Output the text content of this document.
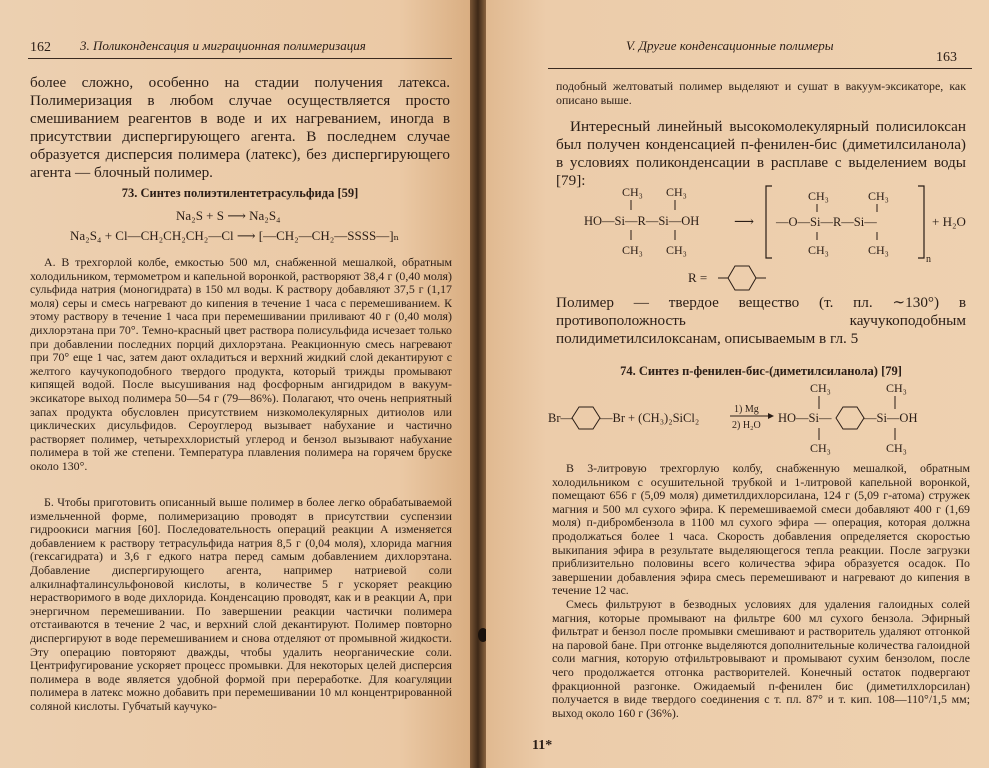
162 3. Поликонденсация и миграционная полимеризация
более сложно, особенно на стадии получения латекса. Полимеризация в любом случае осуществляется просто смешиванием реагентов в воде и их нагреванием, иногда в присутствии диспергирующего агента. В последнем случае образуется дисперсия полимера (латекс), без диспергирующего агента — блочный полимер.
73. Синтез полиэтилентетрасульфида [59]
Na₂S + S ⟶ Na₂S₄
Na₂S₄ + Cl—CH₂CH₂CH₂—Cl ⟶ [—CH₂—CH₂—SSSS—]ₙ
А. В трехгорлой колбе, емкостью 500 мл, снабженной мешалкой, обратным холодильником, термометром и капельной воронкой, растворяют 38,4 г (0,40 моля) сульфида натрия (моногидрата) в 150 мл воды. К раствору добавляют 37,5 г (1,17 моля) серы и смесь нагревают до кипения в течение 1 часа с перемешиванием. К этому раствору в течение 1 часа при перемешивании приливают 40 г (0,40 моля) дихлорэтана при 70°. Темно-красный цвет раствора полисульфида исчезает только при добавлении последних порций дихлорэтана. Реакционную смесь нагревают при 70° еще 1 час, затем дают охладиться и верхний жидкий слой декантируют с желтого каучукоподобного твердого продукта, который трижды промывают кипящей водой. После высушивания над фосфорным ангидридом в вакуум-эксикаторе выход полимера 50—54 г (79—86%). Полагают, что очень неприятный запах продукта обусловлен присутствием низкомолекулярных дитиолов или циклических дисульфидов. Сероуглерод вызывает набухание и частично растворяет полимер, четыреххлористый углерод и бензол вызывают набухание полимера в той же степени. Температура плавления полимера на горячем бруске около 130°.
Б. Чтобы приготовить описанный выше полимер в более легко обрабатываемой измельченной форме, полимеризацию проводят в присутствии суспензии гидроокиси магния [60]. Последовательность операций реакции А изменяется добавлением к раствору тетрасульфида натрия 8,5 г (0,04 моля), хлорида магния (гексагидрата) и 3,6 г едкого натра перед самым добавлением дихлорэтана. Добавление диспергирующего агента, например натриевой соли алкилнафталинсульфоновой кислоты, в количестве 5 г ускоряет реакцию нерастворимого в воде дихлорида. Конденсацию проводят, как и в реакции А, при энергичном перемешивании. По завершении реакции частички полимера отстаиваются в течение 2 час, и верхний слой декантируют. Полимер повторно диспергируют в воде перемешиванием и снова отделяют от промывной жидкости. Эту операцию повторяют дважды, чтобы удалить неорганические соли. Центрифугирование ускоряет процесс промывки. Для некоторых целей дисперсия полимера в воде является удобной формой при переработке. Для коагуляции полимера в латекс можно добавить при перемешивании 10 мл концентрированной соляной кислоты. Губчатый каучуко-
V. Другие конденсационные полимеры
163
подобный желтоватый полимер выделяют и сушат в вакуум-эксикаторе, как описано выше.
Интересный линейный высокомолекулярный полисилоксан был получен конденсацией п-фенилен-бис (диметилсиланола) в условиях поликонденсации в расплаве с выделением воды [79]:
CH₃ CH₃
HO—Si—R—Si—OH
CH₃ CH₃
⟶
CH₃	CH₃
—O—Si—R—Si—
CH₃	CH₃
n
+ H₂O
R =
Полимер — твердое вещество (т. пл. ∼130°) в противоположность каучукоподобным полидиметилсилоксанам, описываемым в гл. 5
74. Синтез п-фенилен-бис-(диметилсиланола) [79]
Br— —Br + (CH₃)₂SiCl₂
1) Mg
2) H₂O
CH₃
HO—Si—	—Si—OH
CH₃
CH₃
CH₃
В 3-литровую трехгорлую колбу, снабженную мешалкой, обратным холодильником с осушительной трубкой и 1-литровой капельной воронкой, помещают 656 г (5,09 моля) диметилдихлорсилана, 124 г (5,09 г-атома) стружек магния и 500 мл сухого эфира. К перемешиваемой смеси добавляют 400 г (1,69 моля) п-дибромбензола в 1100 мл сухого эфира — операция, которая должна продолжаться более 1 часа. Скорость добавления определяется скоростью выкипания эфира в результате выделяющегося тепла реакции. После загрузки приблизительно половины всего количества эфира образуется осадок. По завершении добавления эфира смесь перемешивают и нагревают до кипения в течение 12 час.
Смесь фильтруют в безводных условиях для удаления галоидных солей магния, которые промывают на фильтре 600 мл сухого бензола. Эфирный фильтрат и бензол после промывки смешивают и растворитель удаляют отгонкой на паровой бане. При отгонке выделяются дополнительные количества галоидной соли магния, которую отфильтровывают и промывают сухим бензолом, после чего продолжается отгонка растворителей. Конечный остаток подвергают фракционной разгонке. Ожидаемый п-фенилен бис (диметилхлорсилан) получается в виде твердого соединения с т. пл. 87° и т. кип. 108—110°/1,5 мм; выход около 160 г (36%).
11*
